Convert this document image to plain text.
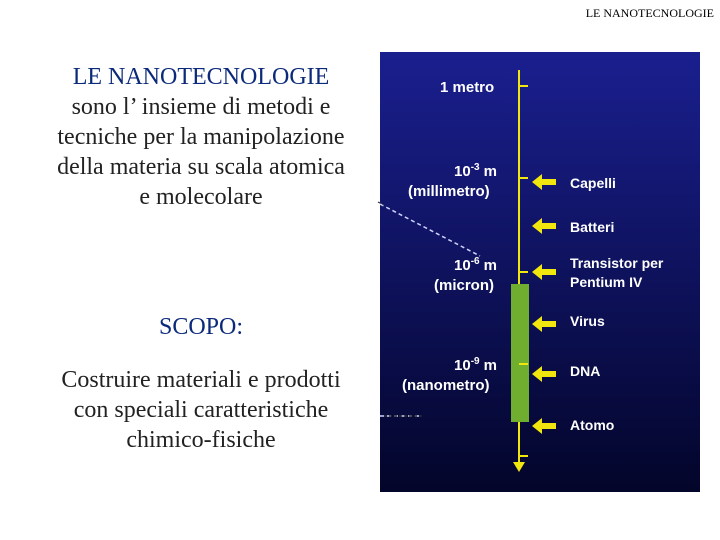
LE NANOTECNOLOGIE
LE NANOTECNOLOGIE
sono l’ insieme di metodi e
tecniche per la manipolazione
della materia su scala atomica
e molecolare
SCOPO:
Costruire materiali e prodotti
con speciali caratteristiche
chimico-fisiche
1 metro
$10^{-3}$ m
(millimetro)
$10^{-6}$ m
(micron)
$10^{-9}$ m
(nanometro)
Capelli
Batteri
Transistor per
Pentium IV
Virus
DNA
Atomo
